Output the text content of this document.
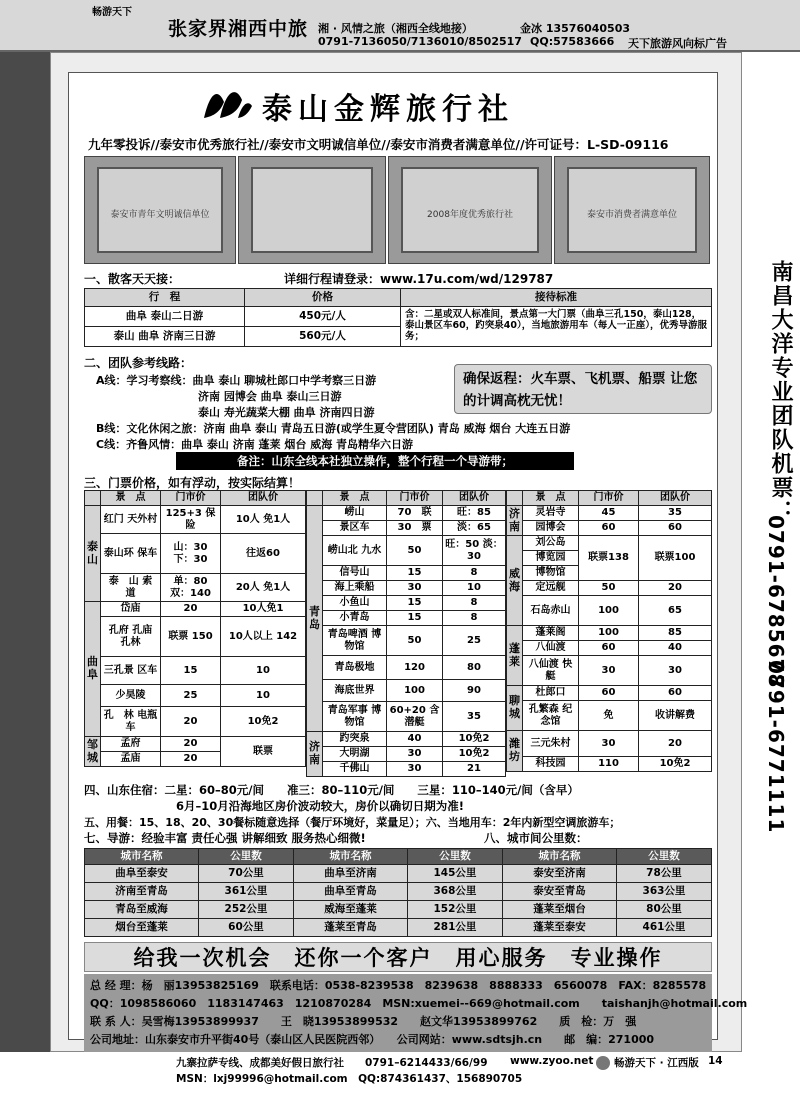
畅游天下
张家界湘西中旅 湘 · 风情之旅（湘西全线地接）
0791-7136050/7136010/8502517
金冰 13576040503
QQ:57583666 天下旅游风向标广告
泰山金辉旅行社
九年零投诉//泰安市优秀旅行社//泰安市文明诚信单位//泰安市消费者满意单位//许可证号：L-SD-09116
泰安市青年文明诚信单位	2008年度优秀旅行社	泰安市消费者满意单位
一、散客天天接：	详细行程请登录：www.17u.com/wd/129787
行　程	价格	接待标准
曲阜 泰山二日游	450元/人	含：二星或双人标准间，景点第一大门票（曲阜三孔150，泰山128，泰山景区车60，趵突泉40），当地旅游用车（每人一正座），优秀导游服务；
泰山 曲阜 济南三日游	560元/人	
二、团队参考线路：
A线：学习考察线：曲阜 泰山 聊城杜郎口中学考察三日游
济南 园博会 曲阜 泰山三日游
泰山 寿光蔬菜大棚 曲阜 济南四日游
B线：文化休闲之旅：济南 曲阜 泰山 青岛五日游(或学生夏令营团队) 青岛 威海 烟台 大连五日游
C线：齐鲁风情：曲阜 泰山 济南 蓬莱 烟台 威海 青岛精华六日游
确保返程：火车票、飞机票、船票 让您的计调高枕无忧！
备注：山东全线本社独立操作，整个行程一个导游带；
三、门票价格，如有浮动，按实际结算！
	景　点	门市价	团队价
泰山	红门 天外村	125+3 保　险	10人 免1人
	泰山环 保车	山：30 下：30	往返60
	泰　山 索　道	单：80 双：140	20人 免1人
曲阜	岱庙	20	10人免1
	孔府 孔庙 孔林	联票 150	10人以上 142
	三孔景 区车	15	10
	少昊陵	25	10
	孔　林 电瓶车	20	10免2
邹城	孟府	20	联票
	孟庙	20	
	景　点	门市价	团队价
青岛	崂山	70　联	旺：85
	景区车	30　票	淡：65
	崂山北 九水	50	旺：50 淡：30
	信号山	15	8
	海上乘船	30	10
	小鱼山	15	8
	小青岛	15	8
	青岛啤酒 博物馆	50	25
	青岛极地	120	80
	海底世界	100	90
	青岛军事 博物馆	60+20 含潜艇	35
济南	趵突泉	40	10免2
	大明湖	30	10免2
	千佛山	30	21
	景　点	门市价	团队价
济南	灵岩寺	45	35
	园博会	60	60
威海	刘公岛	联票138	联票100
	博览园		
	博物馆		
	定远舰	50	20
	石岛赤山	100	65
蓬莱	蓬莱阁	100	85
	八仙渡	60	40
	八仙渡 快艇	30	30
聊城	杜郎口	60	60
	孔繁森 纪念馆	免	收讲解费
潍坊	三元朱村	30	20
	科技园	110	10免2
四、山东住宿：二星：60–80元/间　　准三：80–110元/间　　三星：110–140元/间（含早）
6月–10月沿海地区房价波动较大，房价以确切日期为准!
五、用餐：15、18、20、30餐标随意选择（餐厅环境好，菜量足）；六、当地用车：2年内新型空调旅游车；
七、导游：经验丰富 责任心强 讲解细致 服务热心细微!	八、城市间公里数：
城市名称	公里数	城市名称	公里数	城市名称	公里数
曲阜至泰安	70公里	曲阜至济南	145公里	泰安至济南	78公里
济南至青岛	361公里	曲阜至青岛	368公里	泰安至青岛	363公里
青岛至威海	252公里	威海至蓬莱	152公里	蓬莱至烟台	80公里
烟台至蓬莱	60公里	蓬莱至青岛	281公里	蓬莱至泰安	461公里
给我一次机会　还你一个客户　用心服务　专业操作
总 经 理：杨　丽13953825169　联系电话：0538-8239538　8239638　8888333　6560078　FAX：8285578
QQ：1098586060　1183147463　1210870284　MSN:xuemei--669@hotmail.com　　taishanjh@hotmail.com
联 系 人：吴雪梅13953899937　　王　晓13953899532　　赵文华13953899762　　质　检：万　强
公司地址：山东泰安市升平街40号（泰山区人民医院西邻）　　公司网站：www.sdtsjh.cn　　邮　编：271000
九寨拉萨专线、成都美好假日旅行社　　0791–6214433/66/99
MSN：lxj99996@hotmail.com　QQ:874361437、156890705
www.zyoo.net 畅游天下 · 江西版 14
南昌大洋专业团队机票：
0791-6785678
0791-6771111
